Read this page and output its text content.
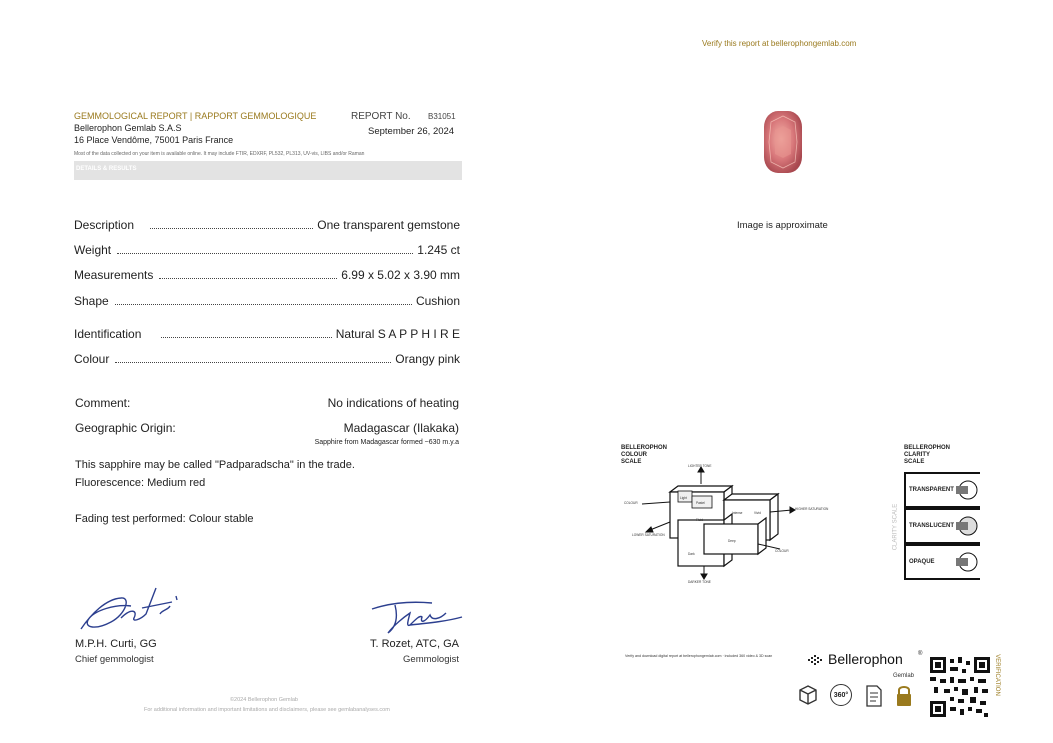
Verify this report at bellerophongemlab.com
GEMMOLOGICAL REPORT | RAPPORT GEMMOLOGIQUE
Bellerophon Gemlab S.A.S
16 Place Vendôme, 75001 Paris France
REPORT No. B31051
September 26, 2024
Most of the data collected on your item is available online. It may include FTIR, EDXRF, PL532, PL313, UV-vis, LIBS and/or Raman
DETAILS & RESULTS
Description	One transparent gemstone
Weight	1.245 ct
Measurements	6.99 x 5.02 x 3.90 mm
Shape	Cushion
Identification	Natural S A P P H I R E
Colour	Orangy pink
Comment:	No indications of heating
Geographic Origin:	Madagascar (Ilakaka)
Sapphire from Madagascar formed ~630 m.y.a
This sapphire may be called "Padparadscha" in the trade.
Fluorescence: Medium red
Fading test performed: Colour stable
M.P.H. Curti, GG
Chief gemmologist
T. Rozet, ATC, GA
Gemmologist
©2024 Bellerophon Gemlab
For additional information and important limitations and disclaimers, please see gemlabanalyses.com
Image is approximate
BELLEROPHON
COLOUR
SCALE
LIGHTER TONE
DARKER TONE
HIGHER SATURATION
LOWER SATURATION
COLOUR
COLOUR
Light
Pastel
Vivid
Fluid
Dark
Deep
Intense
BELLEROPHON
CLARITY
SCALE
CLARITY SCALE
TRANSPARENT
TRANSLUCENT
OPAQUE
Verify and download digital report at bellerophongemlab.com · included 360 video & 3D scan	Bellerophon	®
Gemlab
360°	VERIFICATION
